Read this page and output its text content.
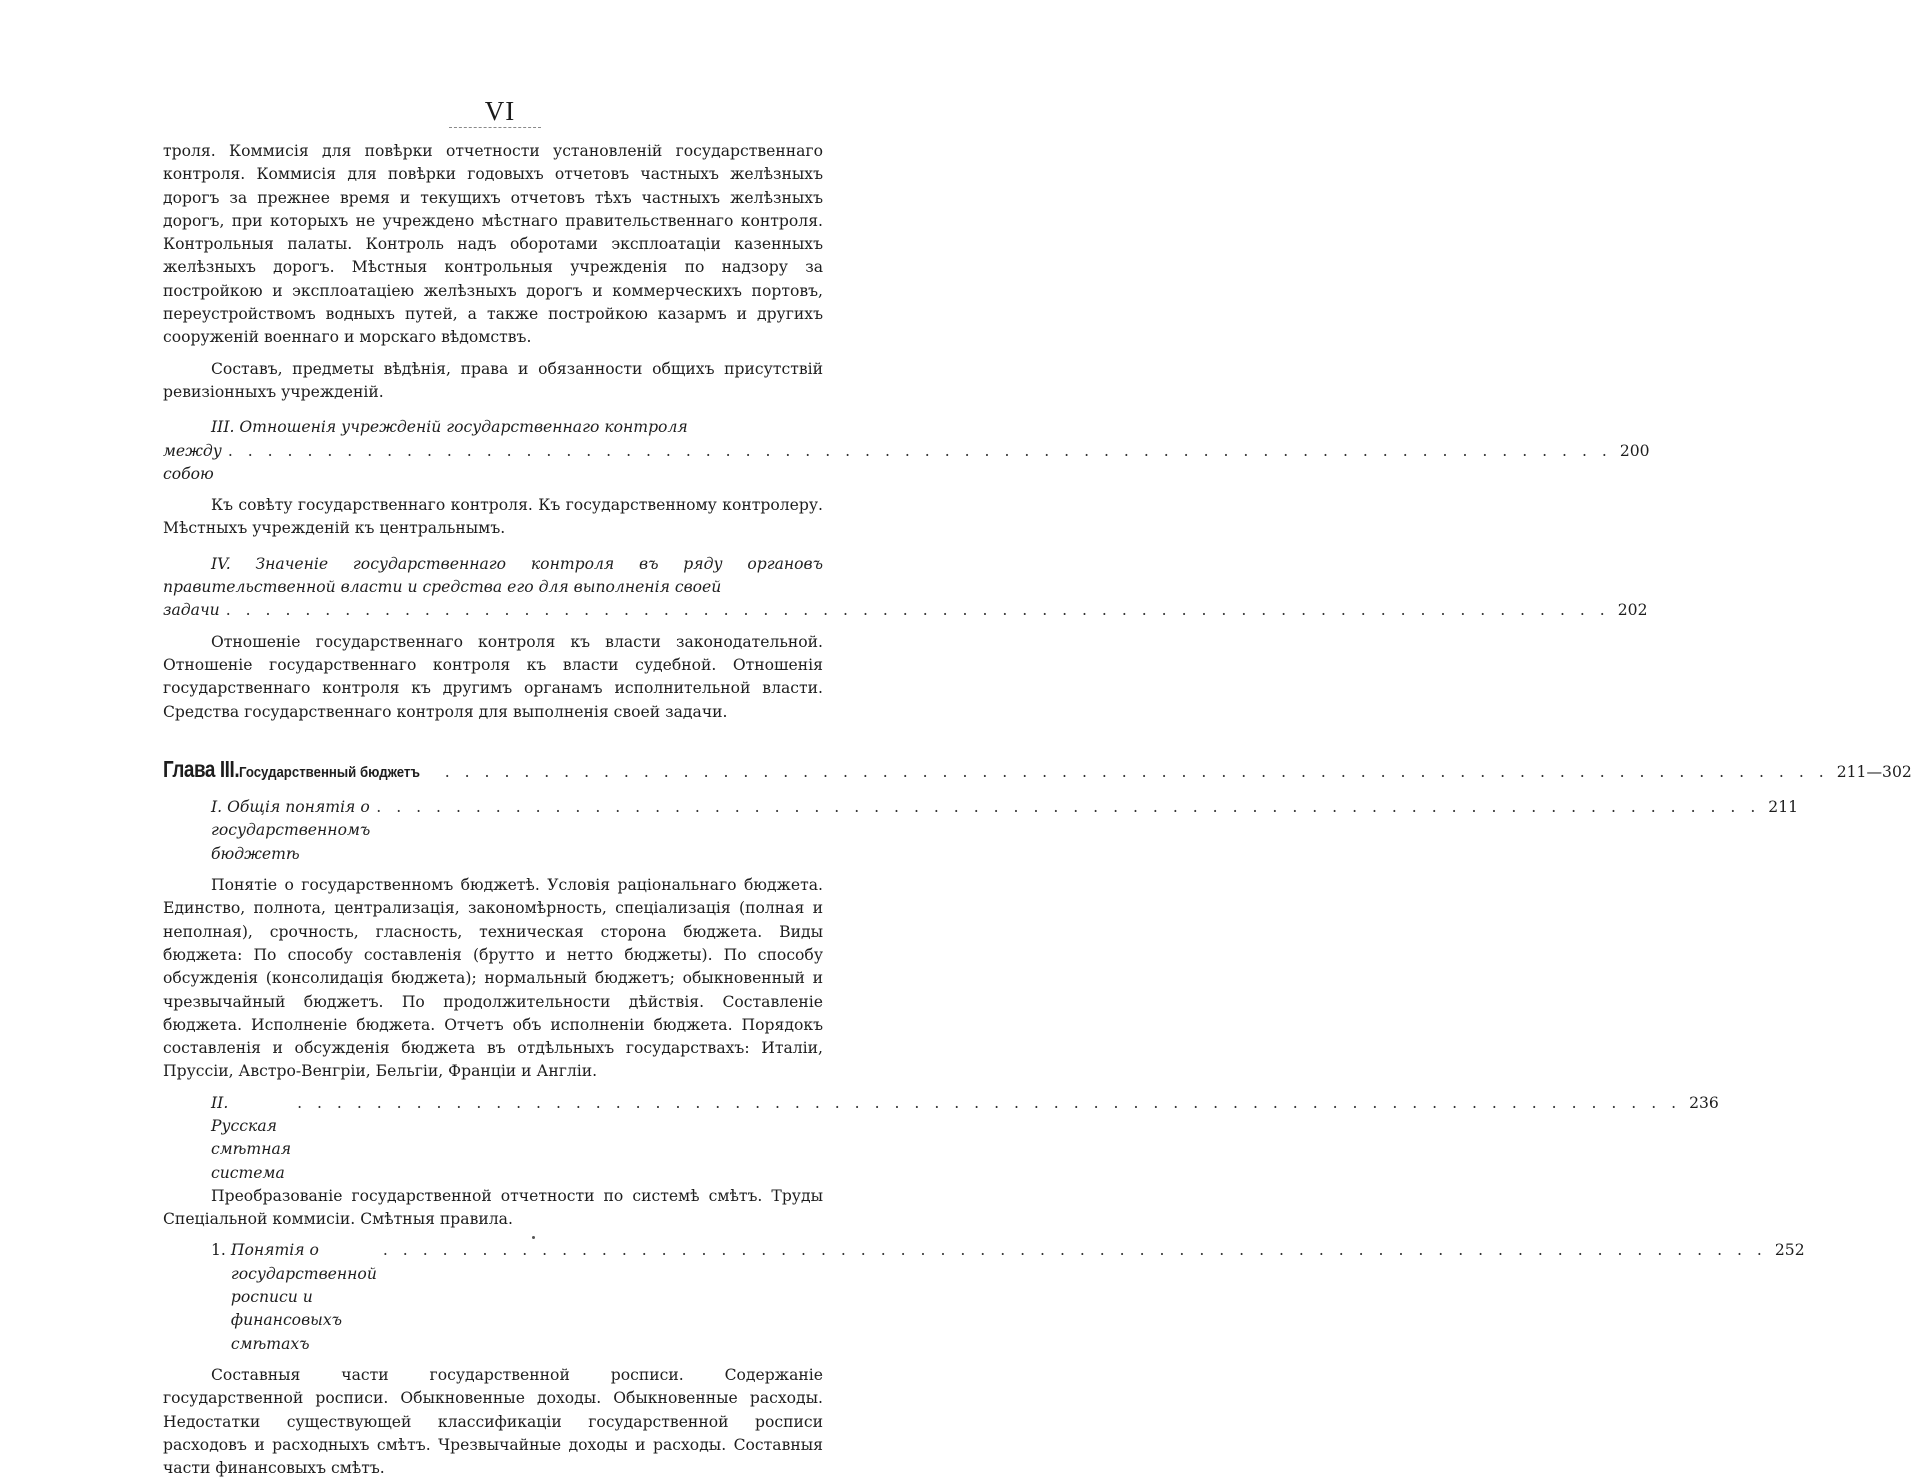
VI

троля. Коммисія для повѣрки отчетности установленій государственнаго контроля. Коммисія для повѣрки годовыхъ отчетовъ частныхъ желѣзныхъ дорогъ за прежнее время и текущихъ отчетовъ тѣхъ частныхъ желѣзныхъ дорогъ, при которыхъ не учреждено мѣстнаго правительственнаго контроля. Контрольныя палаты. Контроль надъ оборотами эксплоатаціи казенныхъ желѣзныхъ дорогъ. Мѣстныя контрольныя учрежденія по надзору за постройкою и эксплоатаціею желѣзныхъ дорогъ и коммерческихъ портовъ, переустройствомъ водныхъ путей, а также постройкою казармъ и другихъ сооруженій военнаго и морскаго вѣдомствъ.

Составъ, предметы вѣдѣнія, права и обязанности общихъ присутствій ревизіонныхъ учрежденій.

III. Отношенія учрежденій государственнаго контроля

между собою
. . . . . . . . . . . . . . . . . . . . . . . . . . . . . . . . . . . . . . . . . . . . . . . . . . . . . . . . . . . . . . . . . . . . . . 200

Къ совѣту государственнаго контроля. Къ государственному контролеру. Мѣстныхъ учрежденій къ центральнымъ.

IV. Значеніе государственнаго контроля въ ряду органовъ правительственной власти и средства его для выполненія своей

задачи . . . . . . . . . . . . . . . . . . . . . . . . . . . . . . . . . . . . . . . . . . . . . . . . . . . . . . . . . . . . . . . . . . . . . . 202

Отношеніе государственнаго контроля къ власти законодательной. Отношеніе государственнаго контроля къ власти судебной. Отношенія государственнаго контроля къ другимъ органамъ исполнительной власти. Средства государственнаго контроля для выполненія своей задачи.

Глава III. Государственный бюджетъ . . . . . . . . . . . . . . . . . . . . . . . . . . . . . . . . . . . . . . . . . . . . . . . . . . . . . . . . . . . . . . . . . . . . . . 211—302
I. Общія понятія о государственномъ бюджетѣ
. . . . . . . . . . . . . . . . . . . . . . . . . . . . . . . . . . . . . . . . . . . . . . . . . . . . . . . . . . . . . . . . . . . . . . 211

Понятіе о государственномъ бюджетѣ. Условія раціональнаго бюджета. Единство, полнота, централизація, закономѣрность, спеціализація (полная и неполная), срочность, гласность, техническая сторона бюджета. Виды бюджета: По способу составленія (брутто и нетто бюджеты). По способу обсужденія (консолидація бюджета); нормальный бюджетъ; обыкновенный и чрезвычайный бюджетъ. По продолжительности дѣйствія. Составленіе бюджета. Исполненіе бюджета. Отчетъ объ исполненіи бюджета. Порядокъ составленія и обсужденія бюджета въ отдѣльныхъ государствахъ: Италіи, Пруссіи, Австро-Венгріи, Бельгіи, Франціи и Англіи.

II. Русская смѣтная система
. . . . . . . . . . . . . . . . . . . . . . . . . . . . . . . . . . . . . . . . . . . . . . . . . . . . . . . . . . . . . . . . . . . . . . 236

Преобразованіе государственной отчетности по системѣ смѣтъ. Труды Спеціальной коммисіи. Смѣтныя правила.

1.
Понятія о государственной росписи и финансовыхъ смѣтахъ
. . . . . . . . . . . . . . . . . . . . . . . . . . . . . . . . . . . . . . . . . . . . . . . . . . . . . . . . . . . . . . . . . . . . . . 252

Составныя части государственной росписи. Содержаніе государственной росписи. Обыкновенные доходы. Обыкновенные расходы. Недостатки существующей классификаціи государственной росписи расходовъ и расходныхъ смѣтъ. Чрезвычайные доходы и расходы. Составныя части финансовыхъ смѣтъ.
